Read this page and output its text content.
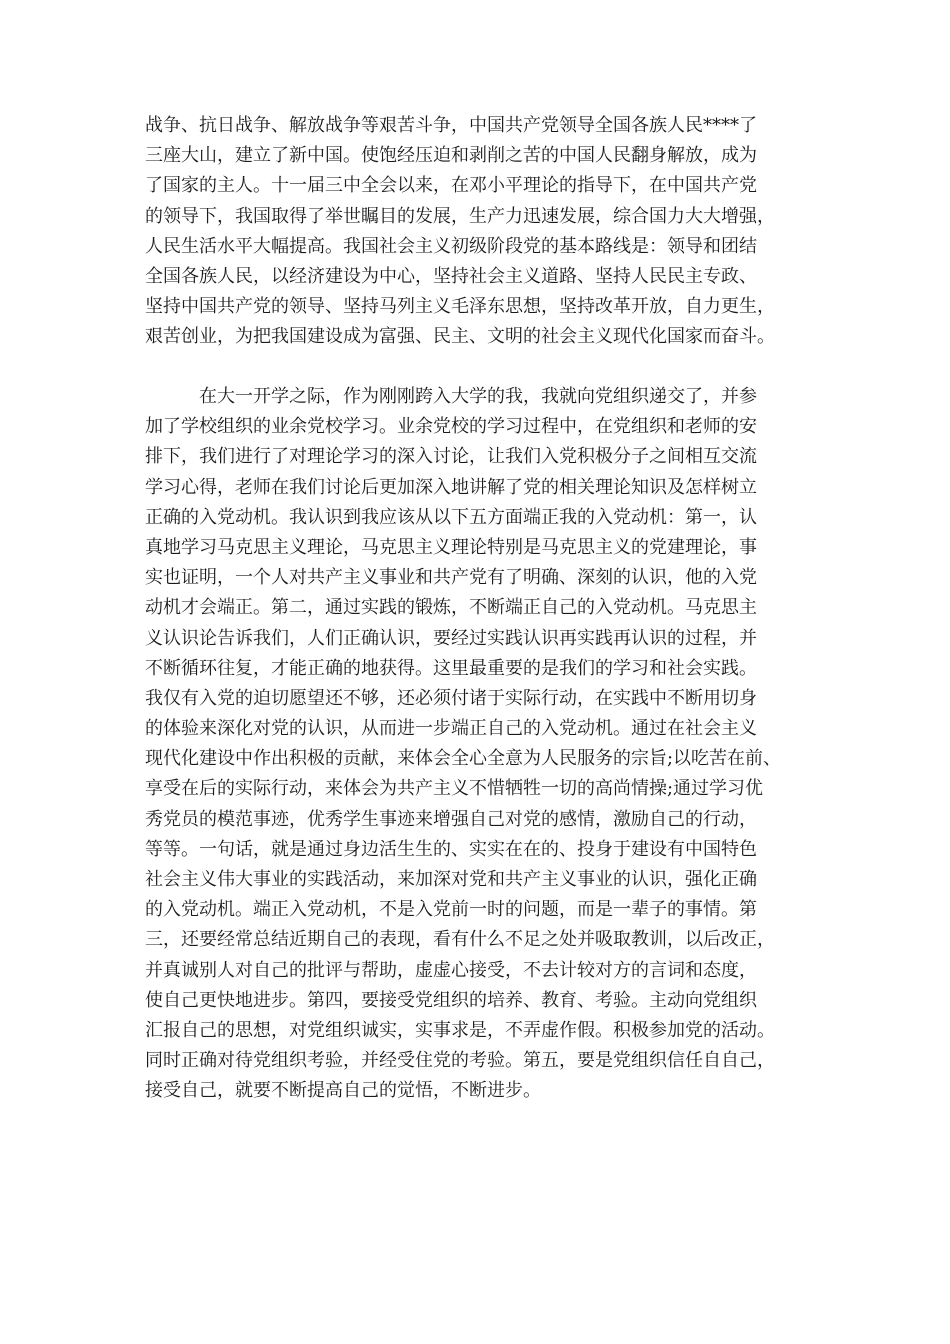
战争、抗日战争、解放战争等艰苦斗争，中国共产党领导全国各族人民****了
三座大山，建立了新中国。使饱经压迫和剥削之苦的中国人民翻身解放，成为
了国家的主人。十一届三中全会以来，在邓小平理论的指导下，在中国共产党
的领导下，我国取得了举世瞩目的发展，生产力迅速发展，综合国力大大增强，
人民生活水平大幅提高。我国社会主义初级阶段党的基本路线是：领导和团结
全国各族人民，以经济建设为中心，坚持社会主义道路、坚持人民民主专政、
坚持中国共产党的领导、坚持马列主义毛泽东思想，坚持改革开放，自力更生，
艰苦创业，为把我国建设成为富强、民主、文明的社会主义现代化国家而奋斗。
在大一开学之际，作为刚刚跨入大学的我，我就向党组织递交了，并参
加了学校组织的业余党校学习。业余党校的学习过程中，在党组织和老师的安
排下，我们进行了对理论学习的深入讨论，让我们入党积极分子之间相互交流
学习心得，老师在我们讨论后更加深入地讲解了党的相关理论知识及怎样树立
正确的入党动机。我认识到我应该从以下五方面端正我的入党动机：第一，认
真地学习马克思主义理论，马克思主义理论特别是马克思主义的党建理论，事
实也证明，一个人对共产主义事业和共产党有了明确、深刻的认识，他的入党
动机才会端正。第二，通过实践的锻炼，不断端正自己的入党动机。马克思主
义认识论告诉我们，人们正确认识，要经过实践认识再实践再认识的过程，并
不断循环往复，才能正确的地获得。这里最重要的是我们的学习和社会实践。
我仅有入党的迫切愿望还不够，还必须付诸于实际行动，在实践中不断用切身
的体验来深化对党的认识，从而进一步端正自己的入党动机。通过在社会主义
现代化建设中作出积极的贡献，来体会全心全意为人民服务的宗旨;以吃苦在前、
享受在后的实际行动，来体会为共产主义不惜牺牲一切的高尚情操;通过学习优
秀党员的模范事迹，优秀学生事迹来增强自己对党的感情，激励自己的行动，
等等。一句话，就是通过身边活生生的、实实在在的、投身于建设有中国特色
社会主义伟大事业的实践活动，来加深对党和共产主义事业的认识，强化正确
的入党动机。端正入党动机，不是入党前一时的问题，而是一辈子的事情。第
三，还要经常总结近期自己的表现，看有什么不足之处并吸取教训，以后改正，
并真诚别人对自己的批评与帮助，虚虚心接受，不去计较对方的言词和态度，
使自己更快地进步。第四，要接受党组织的培养、教育、考验。主动向党组织
汇报自己的思想，对党组织诚实，实事求是，不弄虚作假。积极参加党的活动。
同时正确对待党组织考验，并经受住党的考验。第五，要是党组织信任自自己，
接受自己，就要不断提高自己的觉悟，不断进步。
